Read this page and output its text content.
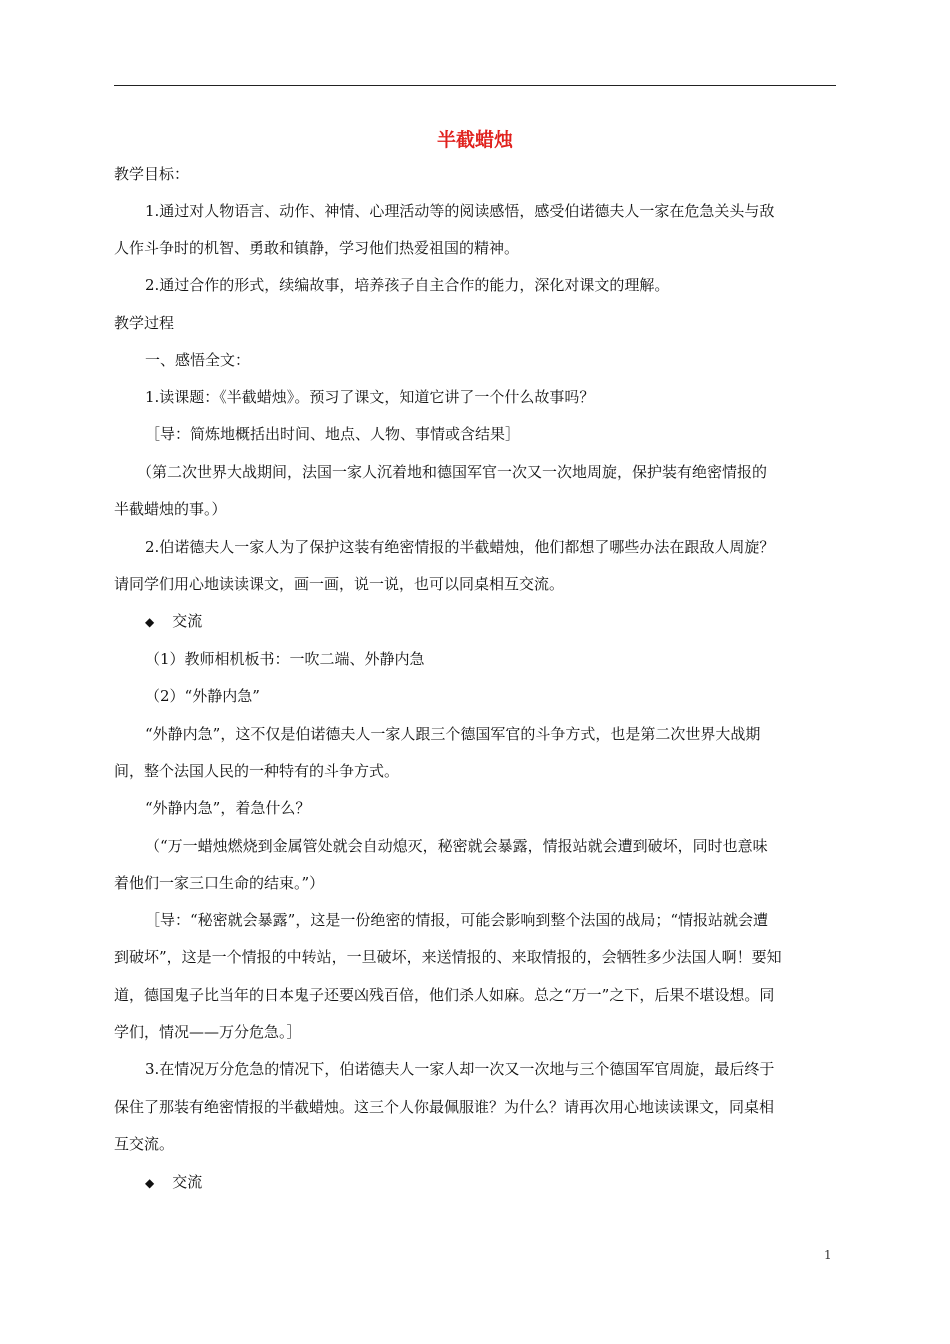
半截蜡烛
教学目标：
1.通过对人物语言、动作、神情、心理活动等的阅读感悟，感受伯诺德夫人一家在危急关头与敌
人作斗争时的机智、勇敢和镇静，学习他们热爱祖国的精神。
2.通过合作的形式，续编故事，培养孩子自主合作的能力，深化对课文的理解。
教学过程
一、感悟全文：
1.读课题：《半截蜡烛》。预习了课文，知道它讲了一个什么故事吗？
［导：简炼地概括出时间、地点、人物、事情或含结果］
（第二次世界大战期间，法国一家人沉着地和德国军官一次又一次地周旋，保护装有绝密情报的
半截蜡烛的事。）
2.伯诺德夫人一家人为了保护这装有绝密情报的半截蜡烛，他们都想了哪些办法在跟敌人周旋？
请同学们用心地读读课文，画一画，说一说，也可以同桌相互交流。
◆ 交流
（1）教师相机板书：一吹二端、外静内急
（2）“外静内急”
“外静内急”，这不仅是伯诺德夫人一家人跟三个德国军官的斗争方式，也是第二次世界大战期
间，整个法国人民的一种特有的斗争方式。
“外静内急”，着急什么？
（“万一蜡烛燃烧到金属管处就会自动熄灭，秘密就会暴露，情报站就会遭到破坏，同时也意味
着他们一家三口生命的结束。”）
［导：“秘密就会暴露”，这是一份绝密的情报，可能会影响到整个法国的战局；“情报站就会遭
到破坏”，这是一个情报的中转站，一旦破坏，来送情报的、来取情报的，会牺牲多少法国人啊！要知
道，德国鬼子比当年的日本鬼子还要凶残百倍，他们杀人如麻。总之“万一”之下，后果不堪设想。同
学们，情况——万分危急。］
3.在情况万分危急的情况下，伯诺德夫人一家人却一次又一次地与三个德国军官周旋，最后终于
保住了那装有绝密情报的半截蜡烛。这三个人你最佩服谁？为什么？请再次用心地读读课文，同桌相
互交流。
◆ 交流
1
